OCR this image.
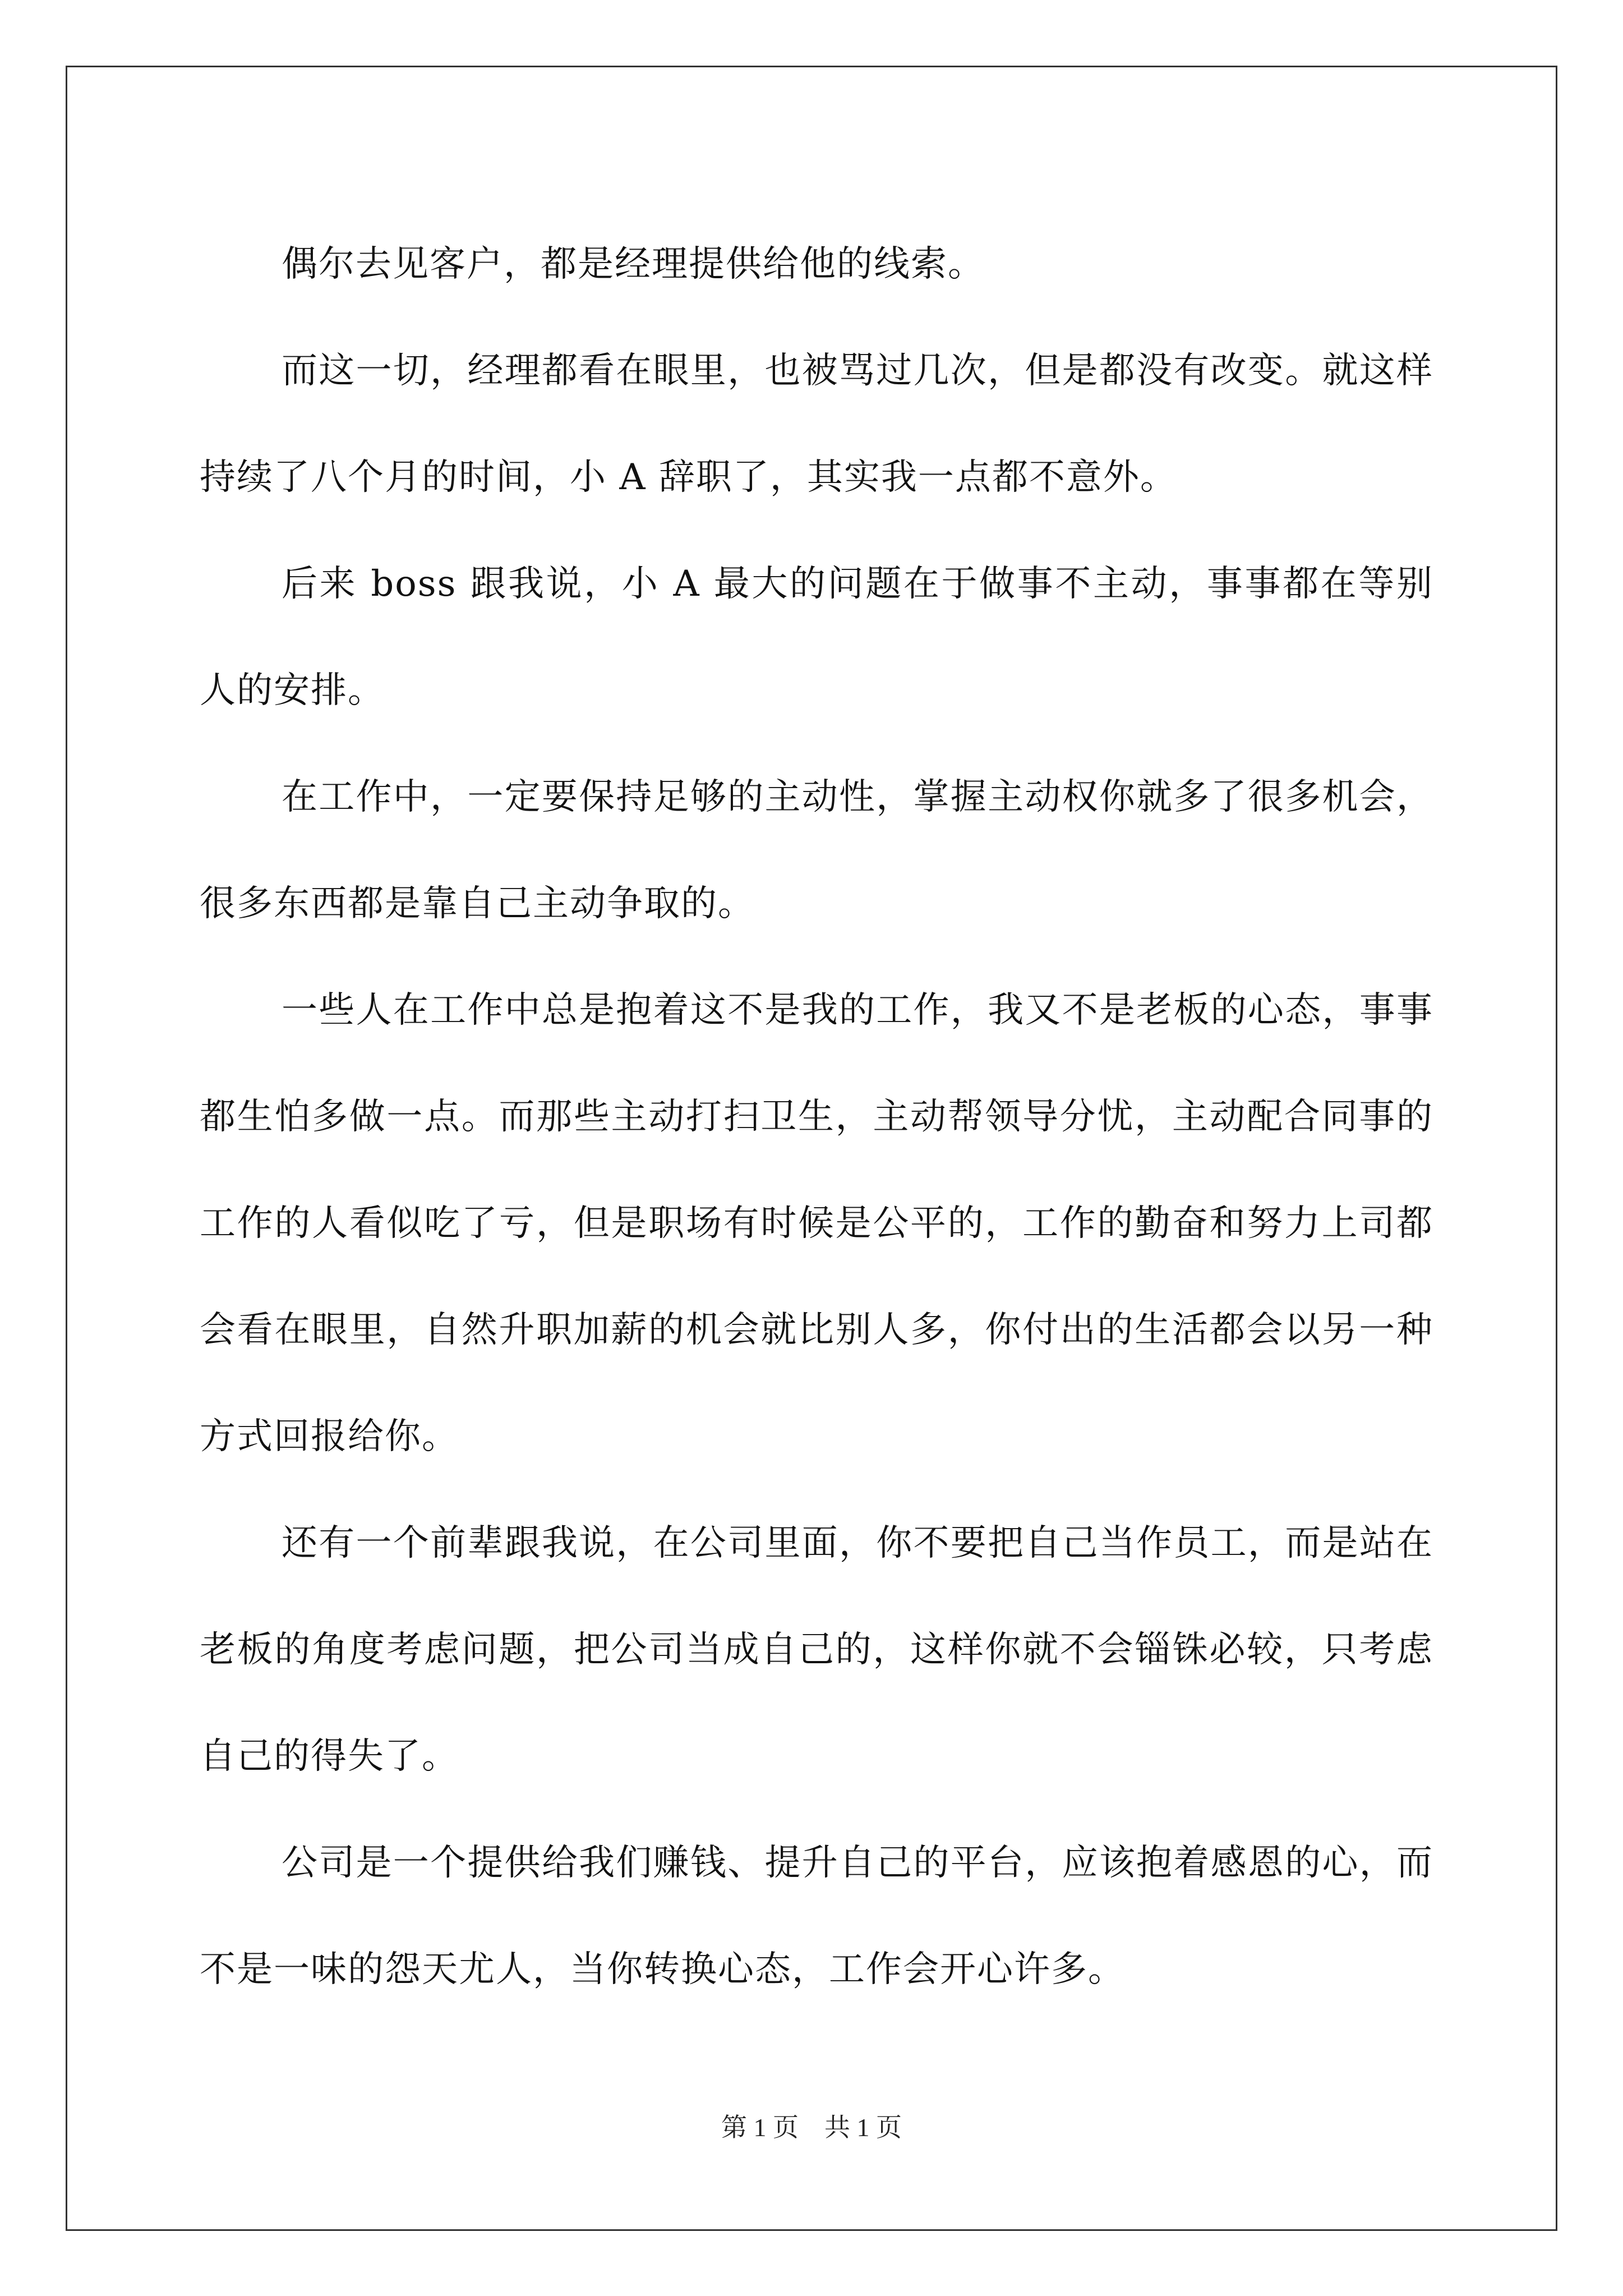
偶尔去见客户，都是经理提供给他的线索。

而这一切，经理都看在眼里，也被骂过几次，但是都没有改变。就这样持续了八个月的时间，小 A 辞职了，其实我一点都不意外。

后来 boss 跟我说，小 A 最大的问题在于做事不主动，事事都在等别人的安排。

在工作中，一定要保持足够的主动性，掌握主动权你就多了很多机会，很多东西都是靠自己主动争取的。

一些人在工作中总是抱着这不是我的工作，我又不是老板的心态，事事都生怕多做一点。而那些主动打扫卫生，主动帮领导分忧，主动配合同事的工作的人看似吃了亏，但是职场有时候是公平的，工作的勤奋和努力上司都会看在眼里，自然升职加薪的机会就比别人多，你付出的生活都会以另一种方式回报给你。

还有一个前辈跟我说，在公司里面，你不要把自己当作员工，而是站在老板的角度考虑问题，把公司当成自己的，这样你就不会锱铢必较，只考虑自己的得失了。

公司是一个提供给我们赚钱、提升自己的平台，应该抱着感恩的心，而不是一味的怨天尤人，当你转换心态，工作会开心许多。

第 1 页　共 1 页
